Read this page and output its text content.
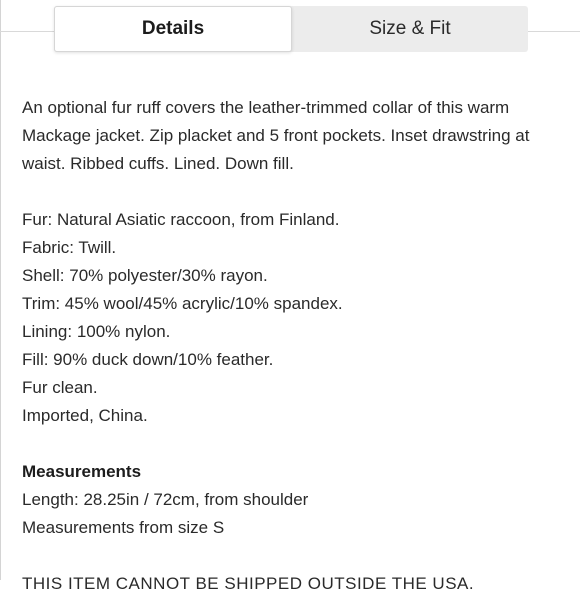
Details	Size & Fit

An optional fur ruff covers the leather-trimmed collar of this warm Mackage jacket. Zip placket and 5 front pockets. Inset drawstring at waist. Ribbed cuffs. Lined. Down fill.

Fur: Natural Asiatic raccoon, from Finland.

Fabric: Twill.

Shell: 70% polyester/30% rayon.

Trim: 45% wool/45% acrylic/10% spandex.

Lining: 100% nylon.

Fill: 90% duck down/10% feather.

Fur clean.

Imported, China.

Measurements

Length: 28.25in / 72cm, from shoulder

Measurements from size S

THIS ITEM CANNOT BE SHIPPED OUTSIDE THE USA.
